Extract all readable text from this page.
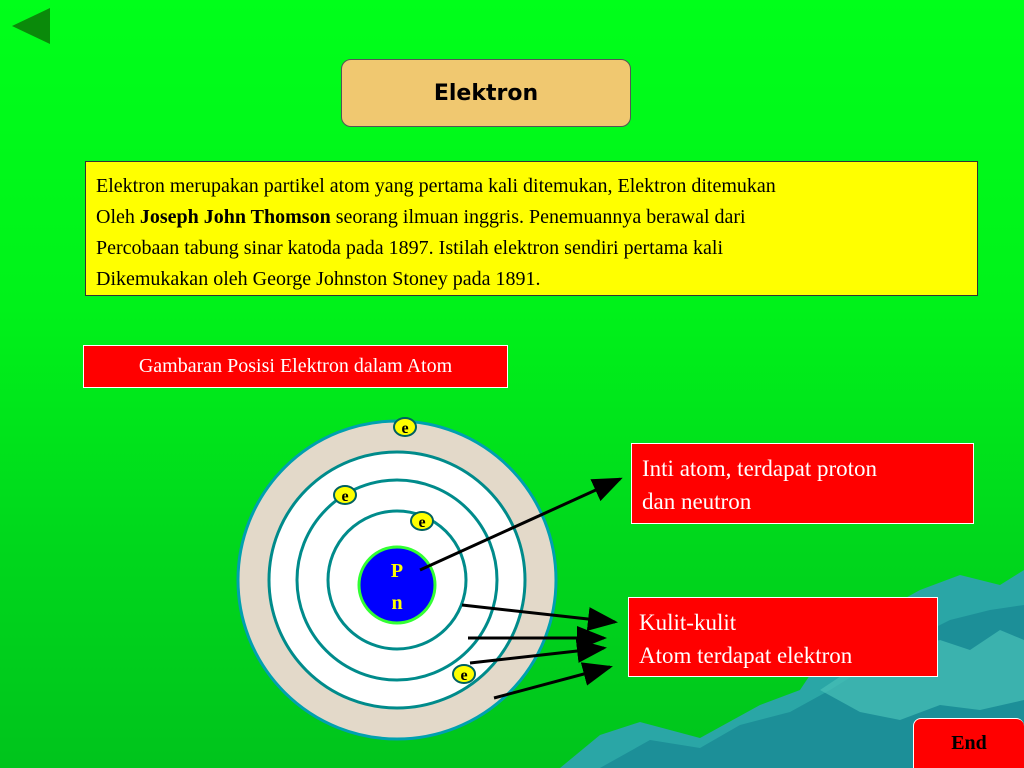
Elektron
Elektron merupakan partikel atom yang pertama kali ditemukan, Elektron ditemukan
Oleh Joseph John Thomson seorang ilmuan inggris. Penemuannya berawal dari
Percobaan tabung sinar katoda pada 1897. Istilah elektron sendiri pertama kali
Dikemukakan oleh George Johnston Stoney pada 1891.
Gambaran Posisi Elektron dalam Atom
P
n
e
e
e
e
Inti atom, terdapat proton
dan neutron
Kulit-kulit
Atom terdapat elektron
End
